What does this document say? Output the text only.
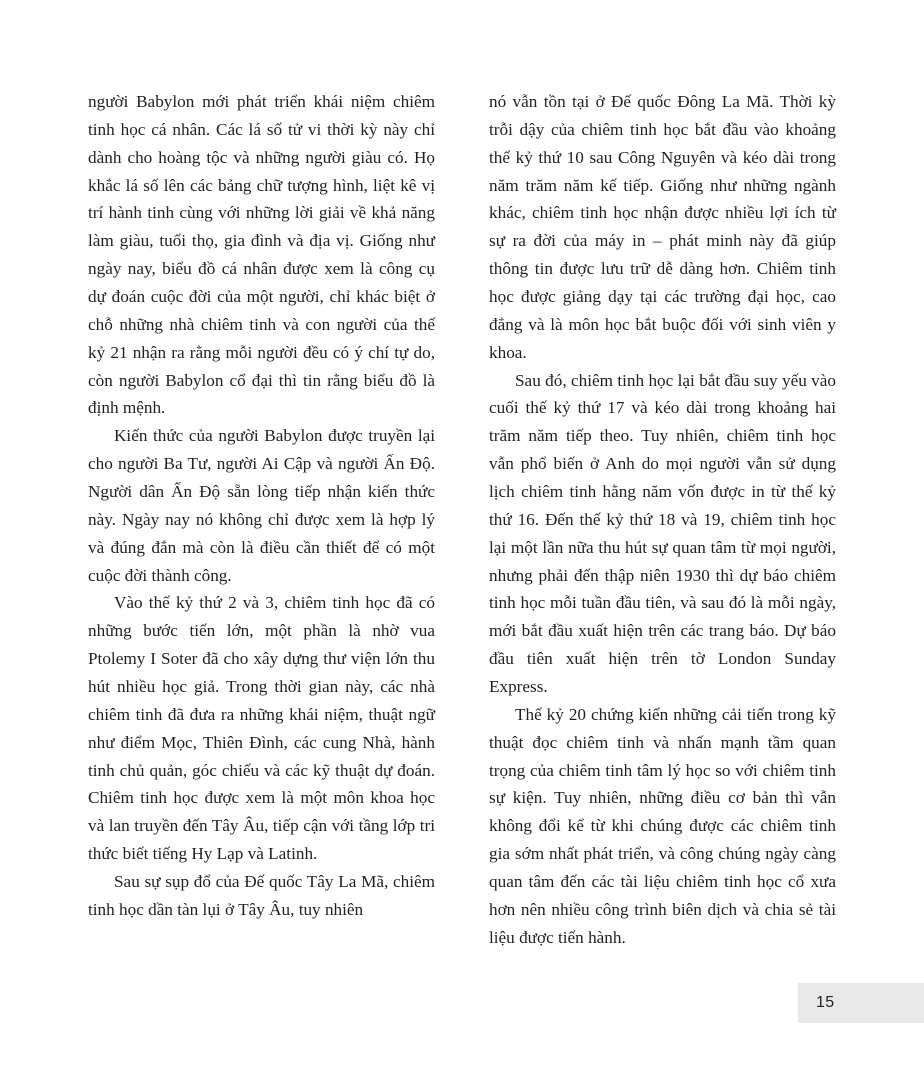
người Babylon mới phát triển khái niệm chiêm tinh học cá nhân. Các lá số tử vi thời kỳ này chỉ dành cho hoàng tộc và những người giàu có. Họ khắc lá số lên các bảng chữ tượng hình, liệt kê vị trí hành tinh cùng với những lời giải về khả năng làm giàu, tuổi thọ, gia đình và địa vị. Giống như ngày nay, biểu đồ cá nhân được xem là công cụ dự đoán cuộc đời của một người, chỉ khác biệt ở chỗ những nhà chiêm tinh và con người của thế kỷ 21 nhận ra rằng mỗi người đều có ý chí tự do, còn người Babylon cổ đại thì tin rằng biểu đồ là định mệnh.

Kiến thức của người Babylon được truyền lại cho người Ba Tư, người Ai Cập và người Ấn Độ. Người dân Ấn Độ sẵn lòng tiếp nhận kiến thức này. Ngày nay nó không chỉ được xem là hợp lý và đúng đắn mà còn là điều cần thiết để có một cuộc đời thành công.

Vào thế kỷ thứ 2 và 3, chiêm tinh học đã có những bước tiến lớn, một phần là nhờ vua Ptolemy I Soter đã cho xây dựng thư viện lớn thu hút nhiều học giả. Trong thời gian này, các nhà chiêm tinh đã đưa ra những khái niệm, thuật ngữ như điểm Mọc, Thiên Đình, các cung Nhà, hành tinh chủ quản, góc chiếu và các kỹ thuật dự đoán. Chiêm tinh học được xem là một môn khoa học và lan truyền đến Tây Âu, tiếp cận với tầng lớp tri thức biết tiếng Hy Lạp và Latinh.

Sau sự sụp đổ của Đế quốc Tây La Mã, chiêm tinh học dần tàn lụi ở Tây Âu, tuy nhiên

nó vẫn tồn tại ở Đế quốc Đông La Mã. Thời kỳ trỗi dậy của chiêm tinh học bắt đầu vào khoảng thế kỷ thứ 10 sau Công Nguyên và kéo dài trong năm trăm năm kế tiếp. Giống như những ngành khác, chiêm tinh học nhận được nhiều lợi ích từ sự ra đời của máy in – phát minh này đã giúp thông tin được lưu trữ dễ dàng hơn. Chiêm tinh học được giảng dạy tại các trường đại học, cao đẳng và là môn học bắt buộc đối với sinh viên y khoa.

Sau đó, chiêm tinh học lại bắt đầu suy yếu vào cuối thế kỷ thứ 17 và kéo dài trong khoảng hai trăm năm tiếp theo. Tuy nhiên, chiêm tinh học vẫn phổ biến ở Anh do mọi người vẫn sử dụng lịch chiêm tinh hằng năm vốn được in từ thế kỷ thứ 16. Đến thế kỷ thứ 18 và 19, chiêm tinh học lại một lần nữa thu hút sự quan tâm từ mọi người, nhưng phải đến thập niên 1930 thì dự báo chiêm tinh học mỗi tuần đầu tiên, và sau đó là mỗi ngày, mới bắt đầu xuất hiện trên các trang báo. Dự báo đầu tiên xuất hiện trên tờ London Sunday Express.

Thế kỷ 20 chứng kiến những cải tiến trong kỹ thuật đọc chiêm tinh và nhấn mạnh tầm quan trọng của chiêm tinh tâm lý học so với chiêm tinh sự kiện. Tuy nhiên, những điều cơ bản thì vẫn không đổi kể từ khi chúng được các chiêm tinh gia sớm nhất phát triển, và công chúng ngày càng quan tâm đến các tài liệu chiêm tinh học cổ xưa hơn nên nhiều công trình biên dịch và chia sẻ tài liệu được tiến hành.

15
